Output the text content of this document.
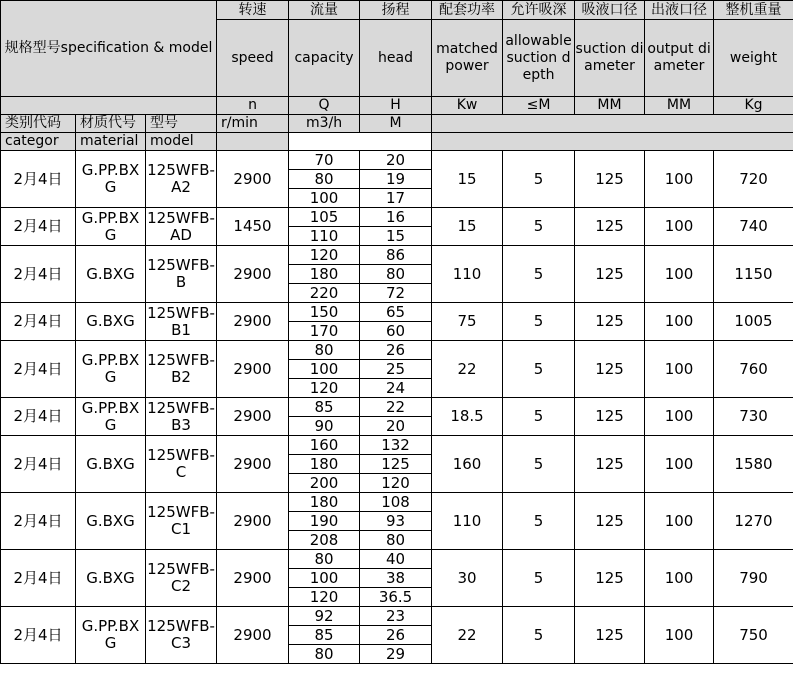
规格型号specification & model			转速	流量	扬程	配套功率	允许吸深	吸液口径	出液口径	整机重量
			speed	capacity	head	matched power	allowable suction depth	suction diameter	output diameter	weight
			n	Q	H	Kw	≤M	MM	MM	Kg
类别代码	材质代号	型号	r/min	m3/h	M					
categor	material	model								
2月4日	G.PP.BXG	125WFB-A2	2900	70	20	15	5	125	100	720
				80	19					
				100	17					
2月4日	G.PP.BXG	125WFB-AD	1450	105	16	15	5	125	100	740
				110	15					
2月4日	G.BXG	125WFB-B	2900	120	86	110	5	125	100	1150
				180	80					
				220	72					
2月4日	G.BXG	125WFB-B1	2900	150	65	75	5	125	100	1005
				170	60					
2月4日	G.PP.BXG	125WFB-B2	2900	80	26	22	5	125	100	760
				100	25					
				120	24					
2月4日	G.PP.BXG	125WFB-B3	2900	85	22	18.5	5	125	100	730
				90	20					
2月4日	G.BXG	125WFB-C	2900	160	132	160	5	125	100	1580
				180	125					
				200	120					
2月4日	G.BXG	125WFB-C1	2900	180	108	110	5	125	100	1270
				190	93					
				208	80					
2月4日	G.BXG	125WFB-C2	2900	80	40	30	5	125	100	790
				100	38					
				120	36.5					
2月4日	G.PP.BXG	125WFB-C3	2900	92	23	22	5	125	100	750
				85	26					
				80	29					
